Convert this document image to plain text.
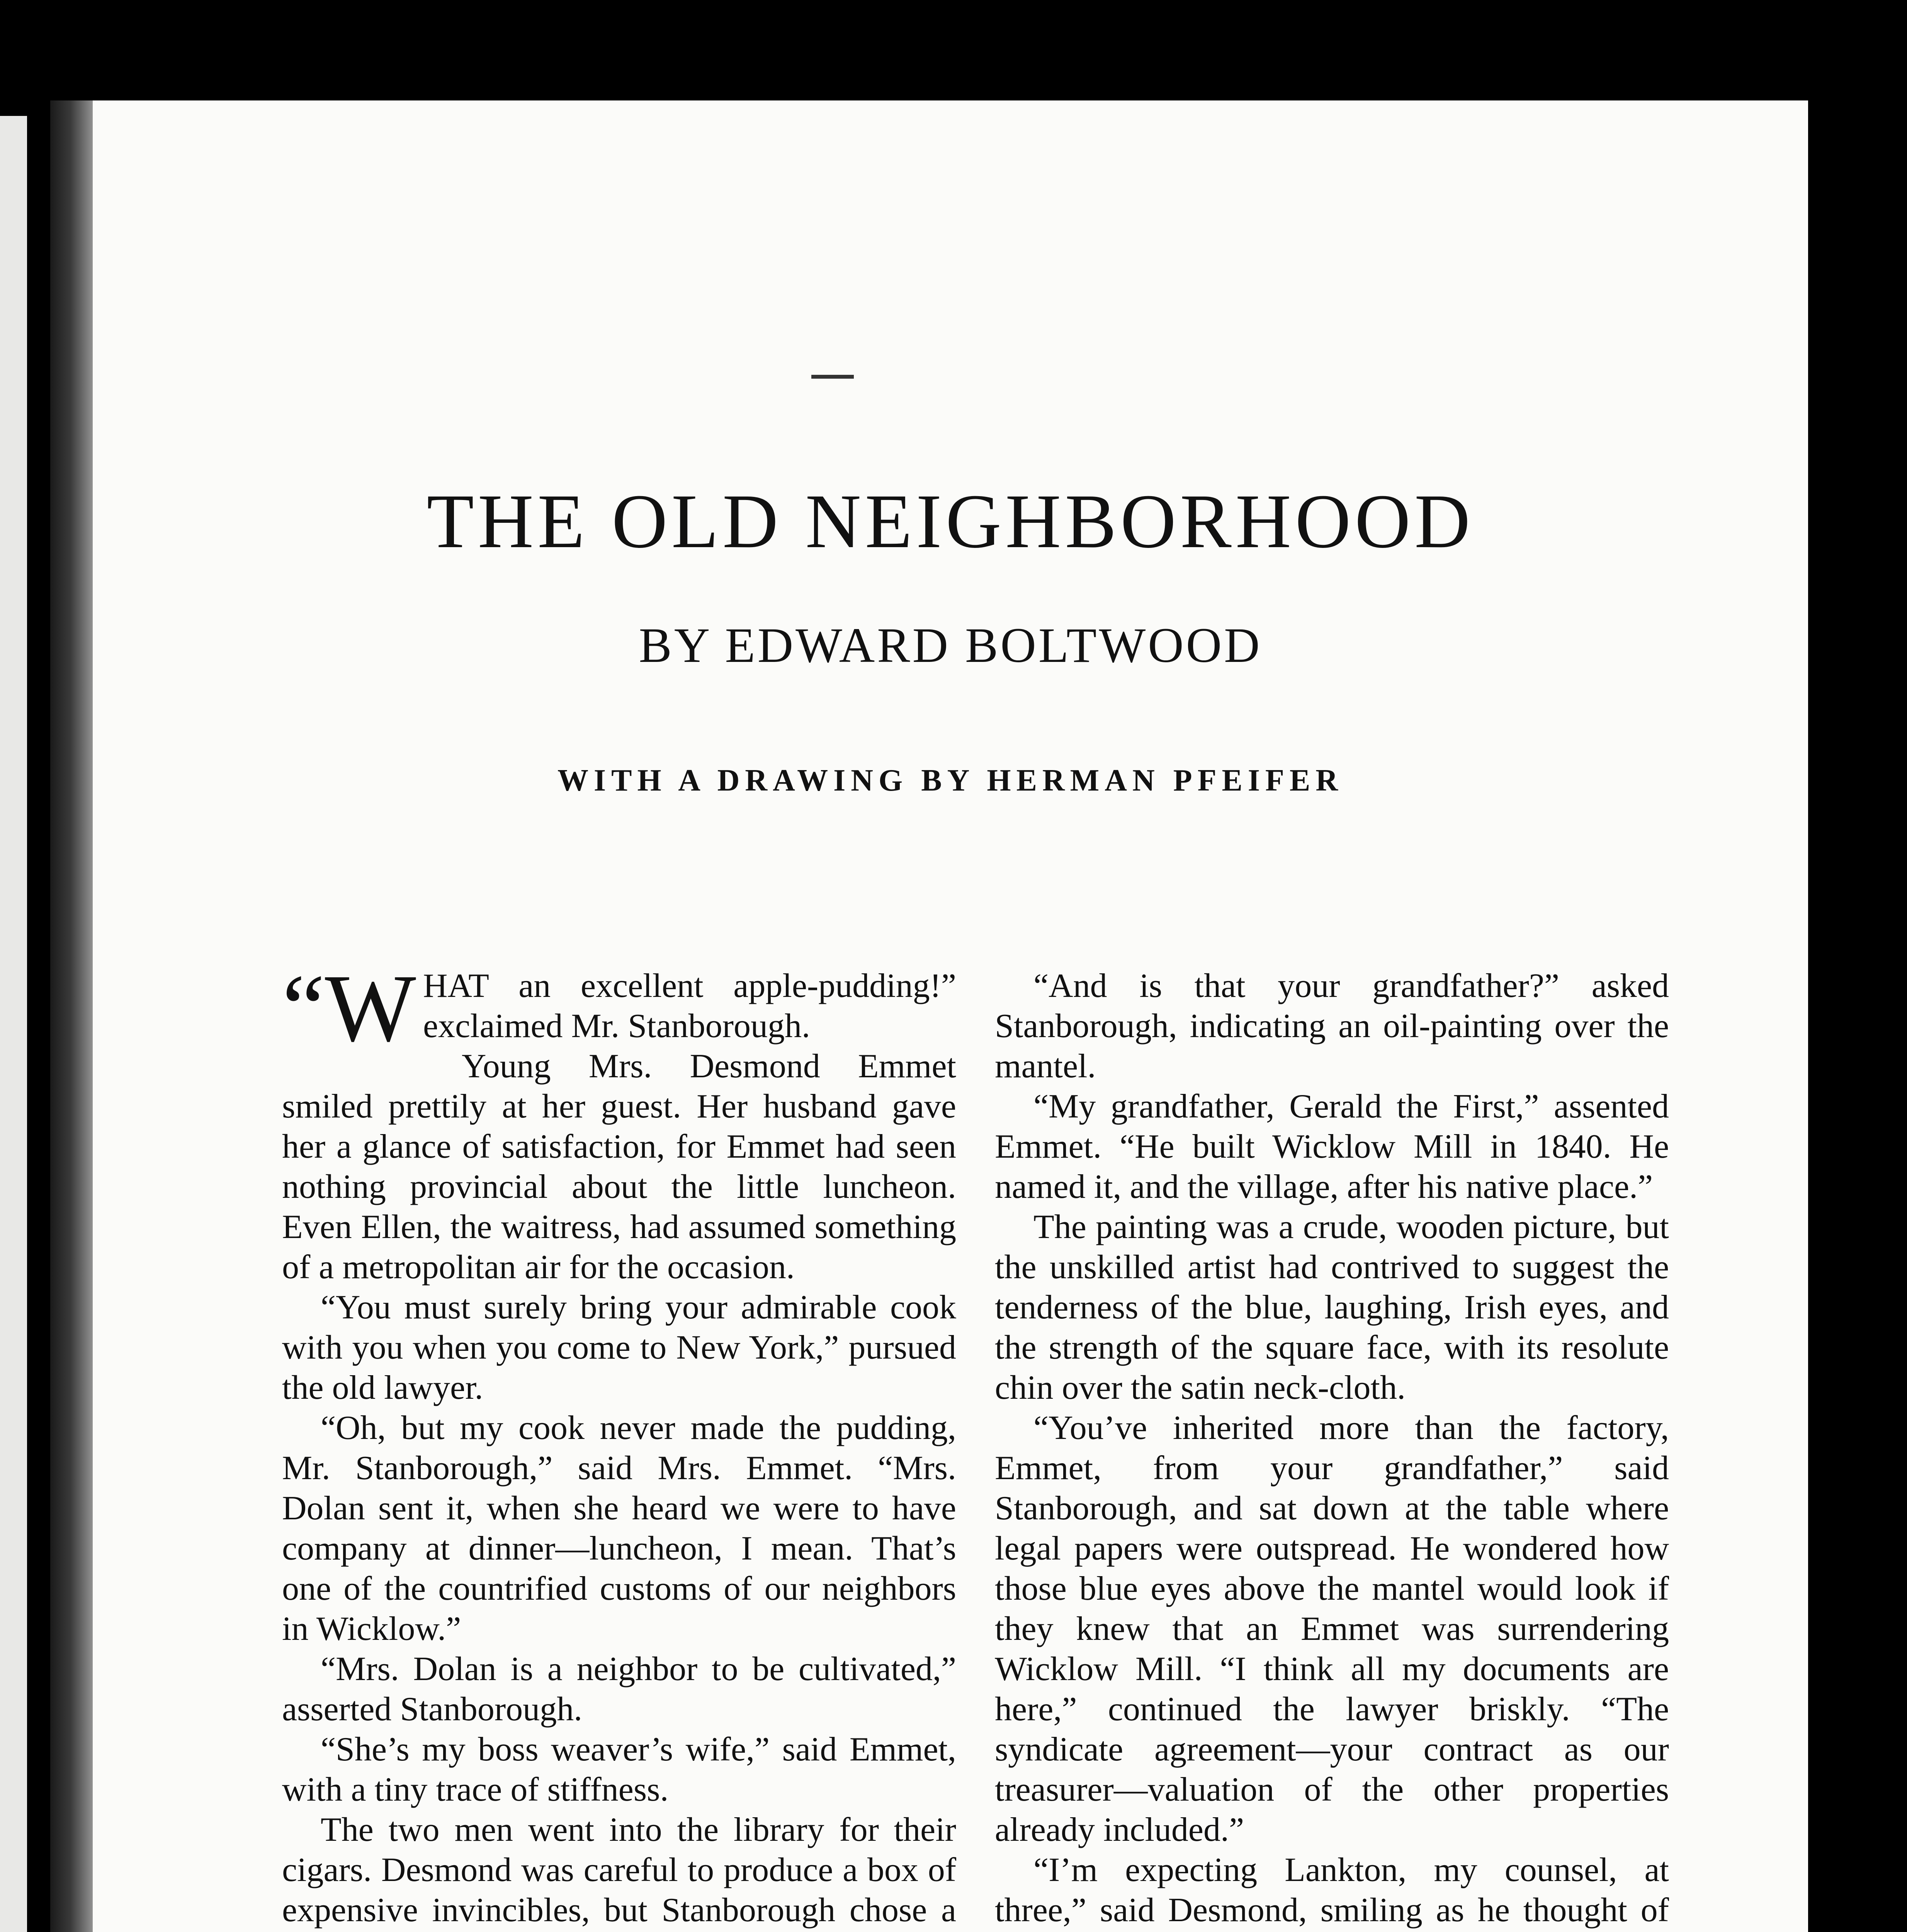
THE OLD NEIGHBORHOOD
BY EDWARD BOLTWOOD
WITH A DRAWING BY HERMAN PFEIFER

“WHAT an excellent apple-pudding!” exclaimed Mr. Stanborough.

Young Mrs. Desmond Emmet smiled prettily at her guest. Her husband gave her a glance of satisfaction, for Emmet had seen nothing provincial about the little luncheon. Even Ellen, the waitress, had assumed something of a metropolitan air for the occasion.

“You must surely bring your admirable cook with you when you come to New York,” pursued the old lawyer.

“Oh, but my cook never made the pudding, Mr. Stanborough,” said Mrs. Emmet. “Mrs. Dolan sent it, when she heard we were to have company at dinner—luncheon, I mean. That’s one of the countrified customs of our neighbors in Wicklow.”

“Mrs. Dolan is a neighbor to be cultivated,” asserted Stanborough.

“She’s my boss weaver’s wife,” said Emmet, with a tiny trace of stiffness.

The two men went into the library for their cigars. Desmond was careful to produce a box of expensive invincibles, but Stanborough chose a

“And is that your grandfather?” asked Stanborough, indicating an oil-painting over the mantel.

“My grandfather, Gerald the First,” assented Emmet. “He built Wicklow Mill in 1840. He named it, and the village, after his native place.”

The painting was a crude, wooden picture, but the unskilled artist had contrived to suggest the tenderness of the blue, laughing, Irish eyes, and the strength of the square face, with its resolute chin over the satin neck-cloth.

“You’ve inherited more than the factory, Emmet, from your grandfather,” said Stanborough, and sat down at the table where legal papers were outspread. He wondered how those blue eyes above the mantel would look if they knew that an Emmet was surrendering Wicklow Mill. “I think all my documents are here,” continued the lawyer briskly. “The syndicate agreement—your contract as our treasurer—valuation of the other properties already included.”

“I’m expecting Lankton, my counsel, at three,” said Desmond, smiling as he thought of
